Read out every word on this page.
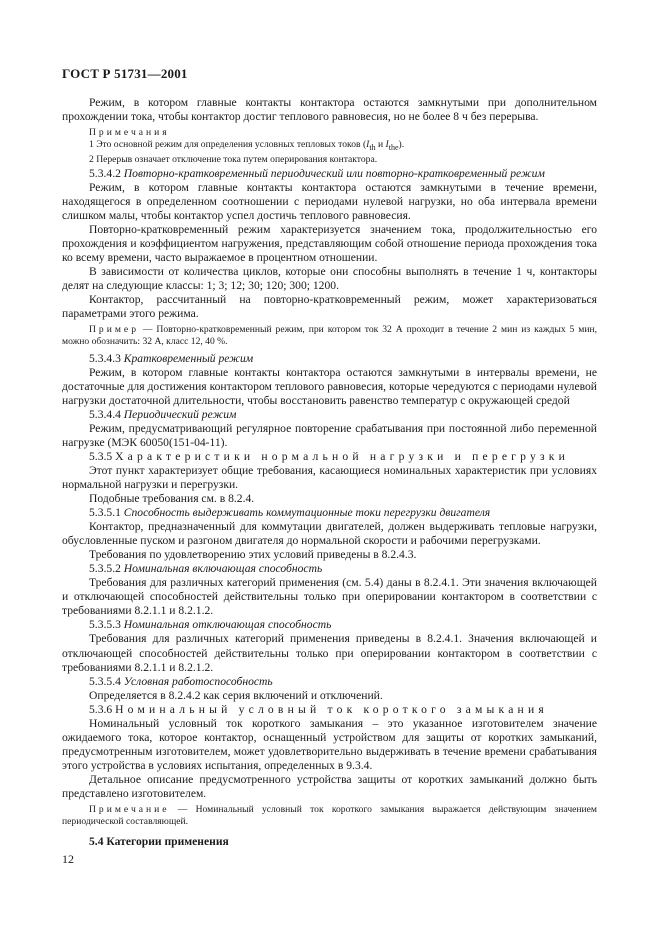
ГОСТ Р 51731—2001

Режим, в котором главные контакты контактора остаются замкнутыми при дополнительном прохождении тока, чтобы контактор достиг теплового равновесия, но не более 8 ч без перерыва.

Примечания

1 Это основной режим для определения условных тепловых токов ($I_{th}$ и $I_{the}$).

2 Перерыв означает отключение тока путем оперирования контактора.

5.3.4.2 Повторно-кратковременный периодический или повторно-кратковременный режим

Режим, в котором главные контакты контактора остаются замкнутыми в течение времени, находящегося в определенном соотношении с периодами нулевой нагрузки, но оба интервала времени слишком малы, чтобы контактор успел достичь теплового равновесия.

Повторно-кратковременный режим характеризуется значением тока, продолжительностью его прохождения и коэффициентом нагружения, представляющим собой отношение периода прохождения тока ко всему времени, часто выражаемое в процентном отношении.

В зависимости от количества циклов, которые они способны выполнять в течение 1 ч, контакторы делят на следующие классы: 1; 3; 12; 30; 120; 300; 1200.

Контактор, рассчитанный на повторно-кратковременный режим, может характеризоваться параметрами этого режима.

Пример — Повторно-кратковременный режим, при котором ток 32 А проходит в течение 2 мин из каждых 5 мин, можно обозначить: 32 А, класс 12, 40 %.

5.3.4.3 Кратковременный режим

Режим, в котором главные контакты контактора остаются замкнутыми в интервалы времени, не достаточные для достижения контактором теплового равновесия, которые чередуются с периодами нулевой нагрузки достаточной длительности, чтобы восстановить равенство температур с окружающей средой

5.3.4.4 Периодический режим

Режим, предусматривающий регулярное повторение срабатывания при постоянной либо переменной нагрузке (МЭК 60050(151-04-11).

5.3.5 Характеристики нормальной нагрузки и перегрузки

Этот пункт характеризует общие требования, касающиеся номинальных характеристик при условиях нормальной нагрузки и перегрузки.

Подобные требования см. в 8.2.4.

5.3.5.1 Способность выдерживать коммутационные токи перегрузки двигателя

Контактор, предназначенный для коммутации двигателей, должен выдерживать тепловые нагрузки, обусловленные пуском и разгоном двигателя до нормальной скорости и рабочими перегрузками.

Требования по удовлетворению этих условий приведены в 8.2.4.3.

5.3.5.2 Номинальная включающая способность

Требования для различных категорий применения (см. 5.4) даны в 8.2.4.1. Эти значения включающей и отключающей способностей действительны только при оперировании контактором в соответствии с требованиями 8.2.1.1 и 8.2.1.2.

5.3.5.3 Номинальная отключающая способность

Требования для различных категорий применения приведены в 8.2.4.1. Значения включающей и отключающей способностей действительны только при оперировании контактором в соответствии с требованиями 8.2.1.1 и 8.2.1.2.

5.3.5.4 Условная работоспособность

Определяется в 8.2.4.2 как серия включений и отключений.

5.3.6 Номинальный условный ток короткого замыкания

Номинальный условный ток короткого замыкания – это указанное изготовителем значение ожидаемого тока, которое контактор, оснащенный устройством для защиты от коротких замыканий, предусмотренным изготовителем, может удовлетворительно выдерживать в течение времени срабатывания этого устройства в условиях испытания, определенных в 9.3.4.

Детальное описание предусмотренного устройства защиты от коротких замыканий должно быть представлено изготовителем.

Примечание — Номинальный условный ток короткого замыкания выражается действующим значением периодической составляющей.

5.4 Категории применения

12
